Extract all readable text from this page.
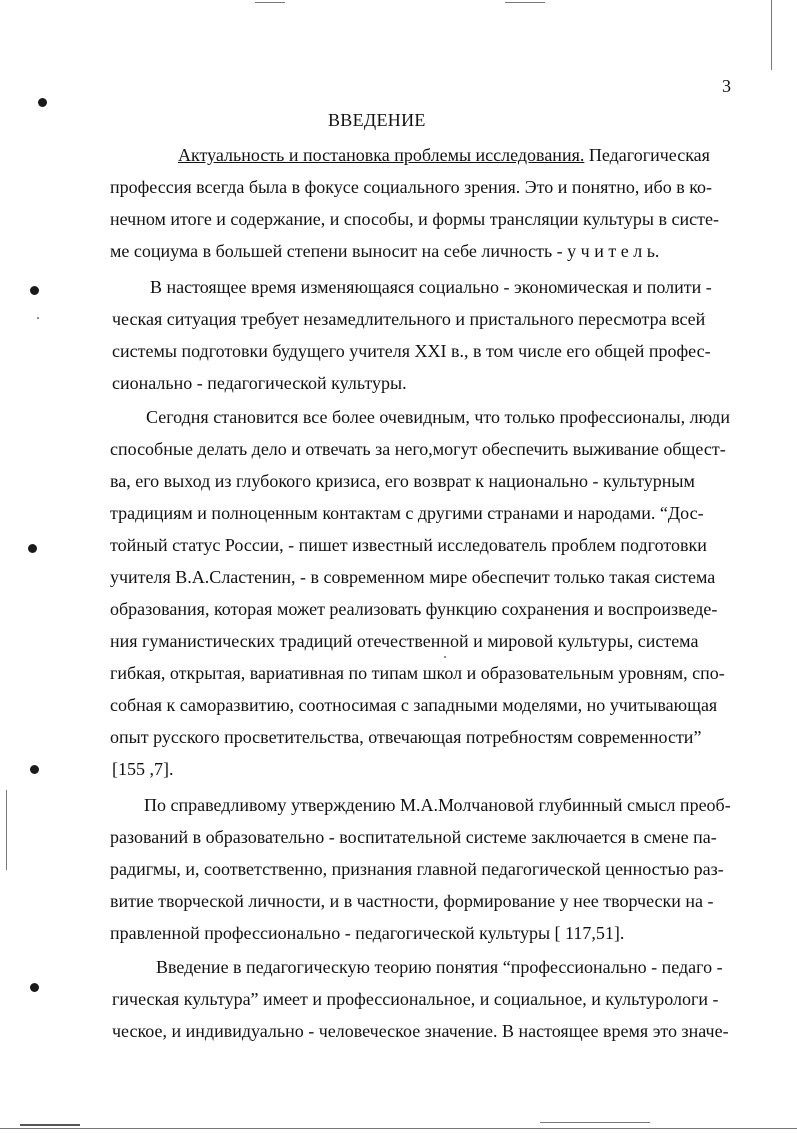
3
ВВЕДЕНИЕ
Актуальность и постановка проблемы исследования. Педагогическая
профессия всегда была в фокусе социального зрения. Это и понятно, ибо в ко-
нечном итоге и содержание, и способы, и формы трансляции культуры в систе-
ме социума в большей степени выносит на себе личность - у ч и т е л ь.
В настоящее время изменяющаяся социально - экономическая и полити -
ческая ситуация требует незамедлительного и пристального пересмотра всей
системы подготовки будущего учителя XXI в., в том числе его общей профес-
сионально - педагогической культуры.
Сегодня становится все более очевидным, что только профессионалы, люди
способные делать дело и отвечать за него,могут обеспечить выживание общест-
ва, его выход из глубокого кризиса, его возврат к национально - культурным
традициям и полноценным контактам с другими странами и народами. “Дос-
тойный статус России, - пишет известный исследователь проблем подготовки
учителя В.А.Сластенин, - в современном мире обеспечит только такая система
образования, которая может реализовать функцию сохранения и воспроизведе-
ния гуманистических традиций отечественной и мировой культуры, система
гибкая, открытая, вариативная по типам школ и образовательным уровням, спо-
собная к саморазвитию, соотносимая с западными моделями, но учитывающая
опыт русского просветительства, отвечающая потребностям современности”
[155 ,7].
По справедливому утверждению М.А.Молчановой глубинный смысл преоб-
разований в образовательно - воспитательной системе заключается в смене па-
радигмы, и, соответственно, признания главной педагогической ценностью раз-
витие творческой личности, и в частности, формирование у нее творчески на -
правленной профессионально - педагогической культуры [ 117,51].
Введение в педагогическую теорию понятия “профессионально - педаго -
гическая культура” имеет и профессиональное, и социальное, и культурологи -
ческое, и индивидуально - человеческое значение. В настоящее время это значе-
